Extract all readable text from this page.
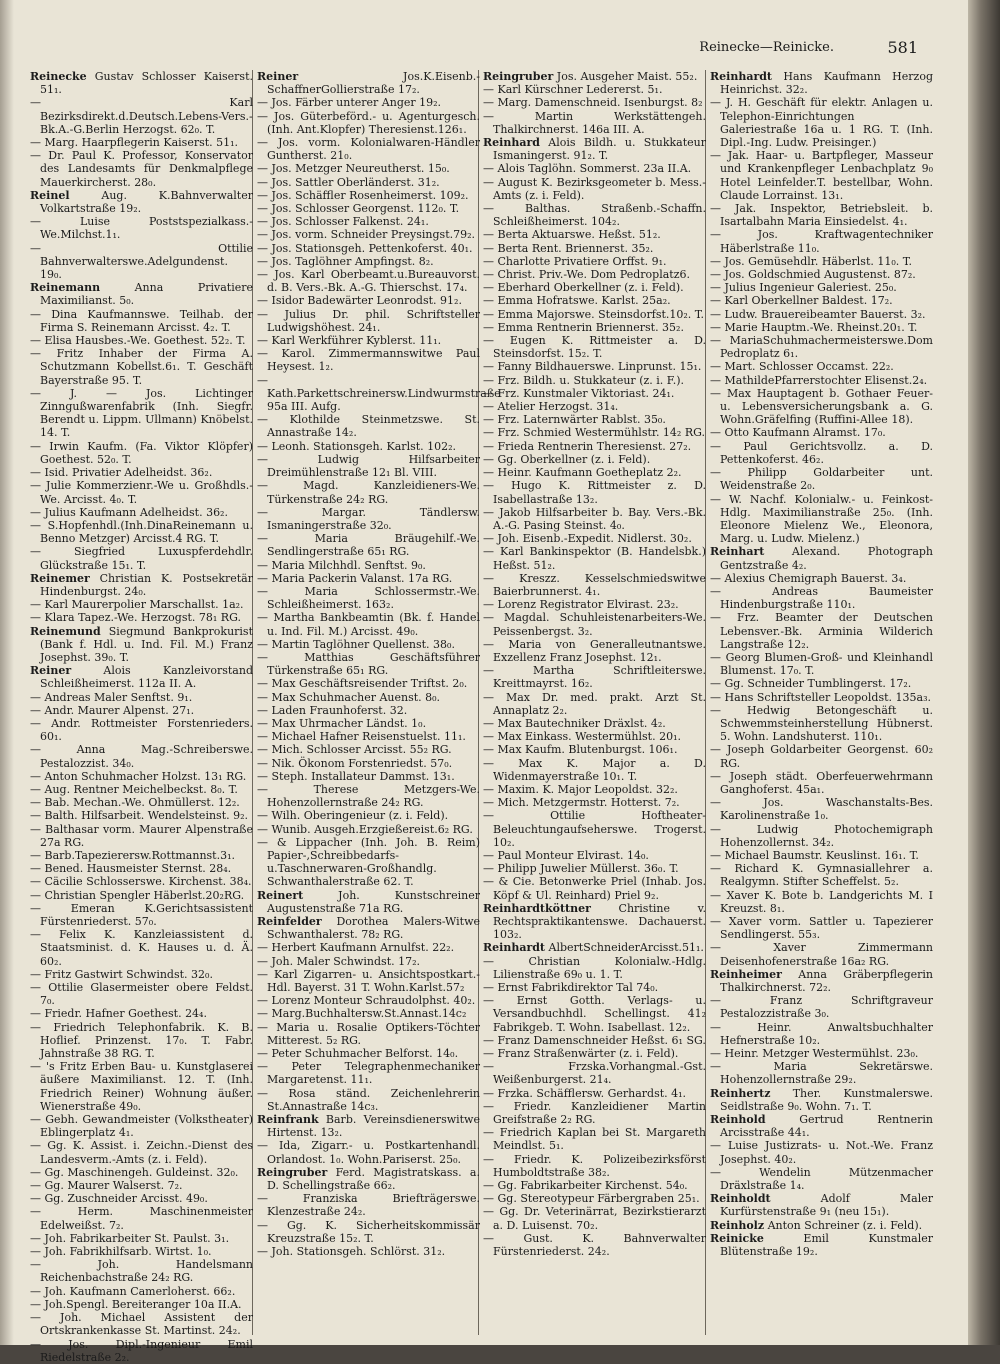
Reinecke—Reinicke.	581

Reinecke Gustav Schlosser Kaiserst. 51₁.

— Karl Bezirksdirekt.d.Deutsch.Lebens-Vers.-Bk.A.-G.Berlin Herzogst. 62₀. T.

— Marg. Haarpflegerin Kaiserst. 51₁.

— Dr. Paul K. Professor, Konservator des Landesamts für Denkmalpflege Mauerkircherst. 28₀.

Reinel Aug. K.Bahnverwalter Volkartstraße 19₂.

— Luise Poststspezialkass.-We.Milchst.1₁.

— Ottilie Bahnverwalterswe.Adelgundenst. 19₀.

Reinemann Anna Privatiere Maximilianst. 5₀.

— Dina Kaufmannswe. Teilhab. der Firma S. Reinemann Arcisst. 4₂. T.

— Elisa Hausbes.-We. Goethest. 52₂. T.

— Fritz Inhaber der Firma A. Schutzmann Kobellst.6₁. T. Geschäft Bayerstraße 95. T.

— J. — Jos. Lichtinger Zinngußwarenfabrik (Inh. Siegfr. Berendt u. Lippm. Ullmann) Knöbelst. 14. T.

— Irwin Kaufm. (Fa. Viktor Klöpfer) Goethest. 52₀. T.

— Isid. Privatier Adelheidst. 36₂.

— Julie Kommerzienr.-We u. Großhdls.-We. Arcisst. 4₀. T.

— Julius Kaufmann Adelheidst. 36₂.

— S.Hopfenhdl.(Inh.DinaReinemann u. Benno Metzger) Arcisst.4 RG. T.

— Siegfried Luxuspferdehdlr. Glückstraße 15₁. T.

Reinemer Christian K. Postsekretär Hindenburgst. 24₀.

— Karl Maurerpolier Marschallst. 1a₂.

— Klara Tapez.-We. Herzogst. 78₁ RG.

Reinemund Siegmund Bankprokurist (Bank f. Hdl. u. Ind. Fil. M.) Franz Josephst. 39₀. T.

Reiner Alois Kanzleivorstand Schleißheimerst. 112a II. A.

— Andreas Maler Senftst. 9₁.

— Andr. Maurer Alpenst. 27₁.

— Andr. Rottmeister Forstenrieders. 60₁.

— Anna Mag.-Schreiberswe. Pestalozzist. 34₀.

— Anton Schuhmacher Holzst. 13₁ RG.

— Aug. Rentner Meichelbeckst. 8₀. T.

— Bab. Mechan.-We. Ohmüllerst. 12₂.

— Balth. Hilfsarbeit. Wendelsteinst. 9₂.

— Balthasar vorm. Maurer Alpenstraße 27a RG.

— Barb.Tapezierersw.Rottmannst.3₁.

— Bened. Hausmeister Sternst. 28₄.

— Cäcilie Schlosserswe. Kirchenst. 38₄.

— Christian Spengler Häberlst.20₂RG.

— Emeran K.Gerichtsassistent Fürstenriederst. 57₀.

— Felix K. Kanzleiassistent d. Staatsminist. d. K. Hauses u. d. Ä. 60₂.

— Fritz Gastwirt Schwindst. 32₀.

— Ottilie Glasermeister obere Feldst. 7₀.

— Friedr. Hafner Goethest. 24₄.

— Friedrich Telephonfabrik. K. B. Hoflief. Prinzenst. 17₀. T. Fabr. Jahnstraße 38 RG. T.

— 's Fritz Erben Bau- u. Kunstglaserei äußere Maximilianst. 12. T. (Inh. Friedrich Reiner) Wohnung äußer. Wienerstraße 49₀.

— Gebh. Gewandmeister (Volkstheater) Eblingerplatz 4₁.

— Gg. K. Assist. i. Zeichn.-Dienst des Landesverm.-Amts (z. i. Feld).

— Gg. Maschinengeh. Guldeinst. 32₀.

— Gg. Maurer Walserst. 7₂.

— Gg. Zuschneider Arcisst. 49₀.

— Herm. Maschinenmeister Edelweißst. 7₂.

— Joh. Fabrikarbeiter St. Paulst. 3₁.

— Joh. Fabrikhilfsarb. Wirtst. 1₀.

— Joh. Handelsmann Reichenbachstraße 24₂ RG.

— Joh. Kaufmann Camerloherst. 66₂.

— Joh.Spengl. Bereiteranger 10a II.A.

— Joh. Michael Assistent der Ortskrankenkasse St. Martinst. 24₂.

— Jos. Dipl.-Ingenieur Emil Riedelstraße 2₂.

Reiner Jos.K.Eisenb.-SchaffnerGollierstraße 17₂.

— Jos. Färber unterer Anger 19₂.

— Jos. Güterbeförd.- u. Agenturgesch. (Inh. Ant.Klopfer) Theresienst.126₁.

— Jos. vorm. Kolonialwaren-Händler Guntherst. 21₀.

— Jos. Metzger Neureutherst. 15₀.

— Jos. Sattler Oberländerst. 31₂.

— Jos. Schäffler Rosenheimerst. 109₂.

— Jos. Schlosser Georgenst. 112₀. T.

— Jos. Schlosser Falkenst. 24₁.

— Jos. vorm. Schneider Preysingst.79₂.

— Jos. Stationsgeh. Pettenkoferst. 40₁.

— Jos. Taglöhner Ampfingst. 8₂.

— Jos. Karl Oberbeamt.u.Bureauvorst. d. B. Vers.-Bk. A.-G. Thierschst. 17₄.

— Isidor Badewärter Leonrodst. 91₂.

— Julius Dr. phil. Schriftsteller Ludwigshöhest. 24₁.

— Karl Werkführer Kyblerst. 11₁.

— Karol. Zimmermannswitwe Paul Heysest. 1₂.

— Kath.Parkettschreinersw.Lindwurmstraße 95a III. Aufg.

— Klothilde Steinmetzswe. St. Annastraße 14₂.

— Leonh. Stationsgeh. Karlst. 102₂.

— Ludwig Hilfsarbeiter Dreimühlenstraße 12₁ Bl. VIII.

— Magd. Kanzleidieners-We. Türkenstraße 24₂ RG.

— Margar. Tändlersw. Ismaningerstraße 32₀.

— Maria Bräugehilf.-We. Sendlingerstraße 65₁ RG.

— Maria Milchhdl. Senftst. 9₀.

— Maria Packerin Valanst. 17a RG.

— Maria Schlossermstr.-We. Schleißheimerst. 163₂.

— Martha Bankbeamtin (Bk. f. Handel u. Ind. Fil. M.) Arcisst. 49₀.

— Martin Taglöhner Quellenst. 38₀.

— Matthias Geschäftsführer Türkenstraße 65₁ RG.

— Max Geschäftsreisender Triftst. 2₀.

— Max Schuhmacher Auenst. 8₀.

— Laden Fraunhoferst. 32.

— Max Uhrmacher Ländst. 1₀.

— Michael Hafner Reisenstuelst. 11₁.

— Mich. Schlosser Arcisst. 55₂ RG.

— Nik. Ökonom Forstenriedst. 57₀.

— Steph. Installateur Dammst. 13₁.

— Therese Metzgers-We. Hohenzollernstraße 24₂ RG.

— Wilh. Oberingenieur (z. i. Feld).

— Wunib. Ausgeh.Erzgießereist.6₂ RG.

— & Lippacher (Inh. Joh. B. Reim) Papier-,Schreibbedarfs-u.Taschnerwaren-Großhandlg. Schwanthalerstraße 62. T.

Reinert Joh. Kunstschreiner Augustenstraße 71a RG.

Reinfelder Dorothea Malers-Witwe Schwanthalerst. 78₂ RG.

— Herbert Kaufmann Arnulfst. 22₂.

— Joh. Maler Schwindst. 17₂.

— Karl Zigarren- u. Ansichtspostkart.-Hdl. Bayerst. 31 T. Wohn.Karlst.57₂

— Lorenz Monteur Schraudolphst. 40₂.

— Marg.Buchhaltersw.St.Annast.14c₂

— Maria u. Rosalie Optikers-Töchter Mitterest. 5₂ RG.

— Peter Schuhmacher Belforst. 14₀.

— Peter Telegraphenmechaniker Margaretenst. 11₁.

— Rosa ständ. Zeichenlehrerin St.Annastraße 14c₃.

Reinfrank Barb. Vereinsdienerswitwe Hirtenst. 13₂.

— Ida, Zigarr.- u. Postkartenhandl. Orlandost. 1₀. Wohn.Pariserst. 25₀.

Reingruber Ferd. Magistratskass. a. D. Schellingstraße 66₂.

— Franziska Briefträgerswe. Klenzestraße 24₂.

— Gg. K. Sicherheitskommissär Kreuzstraße 15₂. T.

— Joh. Stationsgeh. Schlörst. 31₂.

Reingruber Jos. Ausgeher Maist. 55₂.

— Karl Kürschner Ledererst. 5₁.

— Marg. Damenschneid. Isenburgst. 8₂

— Martin Werkstättengeh. Thalkirchnerst. 146a III. A.

Reinhard Alois Bildh. u. Stukkateur Ismaningerst. 91₂. T.

— Alois Taglöhn. Sommerst. 23a II.A.

— August K. Bezirksgeometer b. Mess.-Amts (z. i. Feld).

— Balthas. Straßenb.-Schaffn. Schleißheimerst. 104₂.

— Berta Aktuarswe. Heßst. 51₂.

— Berta Rent. Briennerst. 35₂.

— Charlotte Privatiere Orffst. 9₁.

— Christ. Priv.-We. Dom Pedroplatz6.

— Eberhard Oberkellner (z. i. Feld).

— Emma Hofratswe. Karlst. 25a₂.

— Emma Majorswe. Steinsdorfst.10₂. T.

— Emma Rentnerin Briennerst. 35₂.

— Eugen K. Rittmeister a. D. Steinsdorfst. 15₂. T.

— Fanny Bildhauerswe. Linprunst. 15₁.

— Frz. Bildh. u. Stukkateur (z. i. F.).

— Frz. Kunstmaler Viktoriast. 24₁.

— Atelier Herzogst. 31₄.

— Frz. Laternwärter Rablst. 35₀.

— Frz. Schmied Westermühlstr. 14₂ RG.

— Frieda Rentnerin Theresienst. 27₂.

— Gg. Oberkellner (z. i. Feld).

— Heinr. Kaufmann Goetheplatz 2₂.

— Hugo K. Rittmeister z. D. Isabellastraße 13₂.

— Jakob Hilfsarbeiter b. Bay. Vers.-Bk. A.-G. Pasing Steinst. 4₀.

— Joh. Eisenb.-Expedit. Nidlerst. 30₂.

— Karl Bankinspektor (B. Handelsbk.) Heßst. 51₂.

— Kreszz. Kesselschmiedswitwe Baierbrunnerst. 4₁.

— Lorenz Registrator Elvirast. 23₂.

— Magdal. Schuhleistenarbeiters-We. Peissenbergst. 3₂.

— Maria von Generalleutnantswe. Exzellenz Franz Josephst. 12₁.

— Martha Schriftleiterswe. Kreittmayrst. 16₂.

— Max Dr. med. prakt. Arzt St. Annaplatz 2₂.

— Max Bautechniker Dräxlst. 4₂.

— Max Einkass. Westermühlst. 20₁.

— Max Kaufm. Blutenburgst. 106₁.

— Max K. Major a. D. Widenmayerstraße 10₁. T.

— Maxim. K. Major Leopoldst. 32₂.

— Mich. Metzgermstr. Hotterst. 7₂.

— Ottilie Hoftheater-Beleuchtungaufseherswe. Trogerst. 10₂.

— Paul Monteur Elvirast. 14₀.

— Philipp Juwelier Müllerst. 36₀. T.

— & Cie. Betonwerke Priel (Inhab. Jos. Köpf & Ul. Reinhard) Priel 9₂.

Reinhardtköttner Christine v. Rechtspraktikantenswe. Dachauerst. 103₂.

Reinhardt AlbertSchneiderArcisst.51₁.

— Christian Kolonialw.-Hdlg. Lilienstraße 69₀ u. 1. T.

— Ernst Fabrikdirektor Tal 74₀.

— Ernst Gotth. Verlags- u. Versandbuchhdl. Schellingst. 41₂ Fabrikgeb. T. Wohn. Isabellast. 12₂.

— Franz Damenschneider Heßst. 6₁ SG.

— Franz Straßenwärter (z. i. Feld).

— Frzska.Vorhangmal.-Gst. Weißenburgerst. 21₄.

— Frzka. Schäfflersw. Gerhardst. 4₁.

— Friedr. Kanzleidiener Martin Greifstraße 2₂ RG.

— Friedrich Kaplan bei St. Margareth Meindlst. 5₁.

— Friedr. K. Polizeibezirksförst Humboldtstraße 38₂.

— Gg. Fabrikarbeiter Kirchenst. 54₀.

— Gg. Stereotypeur Färbergraben 25₁.

— Gg. Dr. Veterinärrat, Bezirkstierarzt a. D. Luisenst. 70₂.

— Gust. K. Bahnverwalter Fürstenriederst. 24₂.

Reinhardt Hans Kaufmann Herzog Heinrichst. 32₂.

— J. H. Geschäft für elektr. Anlagen u. Telephon-Einrichtungen Galeriestraße 16a u. 1 RG. T. (Inh. Dipl.-Ing. Ludw. Preisinger.)

— Jak. Haar- u. Bartpfleger, Masseur und Krankenpfleger Lenbachplatz 9₀ Hotel Leinfelder.T. bestellbar, Wohn. Claude Lorrainst. 13₁.

— Jak. Inspektor, Betriebsleit. b. Isartalbahn Maria Einsiedelst. 4₁.

— Jos. Kraftwagentechniker Häberlstraße 11₀.

— Jos. Gemüsehdlr. Häberlst. 11₀. T.

— Jos. Goldschmied Augustenst. 87₂.

— Julius Ingenieur Galeriest. 25₀.

— Karl Oberkellner Baldest. 17₂.

— Ludw. Brauereibeamter Bauerst. 3₂.

— Marie Hauptm.-We. Rheinst.20₁. T.

— MariaSchuhmachermeisterswe.Dom Pedroplatz 6₁.

— Mart. Schlosser Occamst. 22₂.

— MathildePfarrerstochter Elisenst.2₄.

— Max Hauptagent b. Gothaer Feuer- u. Lebensversicherungsbank a. G. Wohn.Gräfelfing (Ruffini-Allee 18).

— Otto Kaufmann Alramst. 17₀.

— Paul Gerichtsvollz. a. D. Pettenkoferst. 46₂.

— Philipp Goldarbeiter unt. Weidenstraße 2₀.

— W. Nachf. Kolonialw.- u. Feinkost-Hdlg. Maximilianstraße 25₀. (Inh. Eleonore Mielenz We., Eleonora, Marg. u. Ludw. Mielenz.)

Reinhart Alexand. Photograph Gentzstraße 4₂.

— Alexius Chemigraph Bauerst. 3₄.

— Andreas Baumeister Hindenburgstraße 110₁.

— Frz. Beamter der Deutschen Lebensver.-Bk. Arminia Wilderich Langstraße 12₂.

— Georg Blumen-Groß- und Kleinhandl Blumenst. 17₀. T.

— Gg. Schneider Tumblingerst. 17₂.

— Hans Schriftsteller Leopoldst. 135a₃.

— Hedwig Betongeschäft u. Schwemmsteinherstellung Hübnerst. 5. Wohn. Landshuterst. 110₁.

— Joseph Goldarbeiter Georgenst. 60₂ RG.

— Joseph städt. Oberfeuerwehrmann Ganghoferst. 45a₁.

— Jos. Waschanstalts-Bes. Karolinenstraße 1₀.

— Ludwig Photochemigraph Hohenzollernst. 34₂.

— Michael Baumstr. Keuslinst. 16₁. T.

— Richard K. Gymnasiallehrer a. Realgymn. Stifter Scheffelst. 5₂.

— Xaver K. Bote b. Landgerichts M. I Kreuzst. 8₁.

— Xaver vorm. Sattler u. Tapezierer Sendlingerst. 55₃.

— Xaver Zimmermann Deisenhofenerstraße 16a₂ RG.

Reinheimer Anna Gräberpflegerin Thalkirchnerst. 72₂.

— Franz Schriftgraveur Pestalozzistraße 3₀.

— Heinr. Anwaltsbuchhalter Hefnerstraße 10₂.

— Heinr. Metzger Westermühlst. 23₀.

— Maria Sekretärswe. Hohenzollernstraße 29₂.

Reinhertz Ther. Kunstmalerswe. Seidlstraße 9₀. Wohn. 7₁. T.

Reinhold Gertrud Rentnerin Arcisstraße 44₁.

— Luise Justizrats- u. Not.-We. Franz Josephst. 40₂.

— Wendelin Mützenmacher Dräxlstraße 1₄.

Reinholdt Adolf Maler Kurfürstenstraße 9₁ (neu 15₁).

Reinholz Anton Schreiner (z. i. Feld).

Reinicke Emil Kunstmaler Blütenstraße 19₂.
